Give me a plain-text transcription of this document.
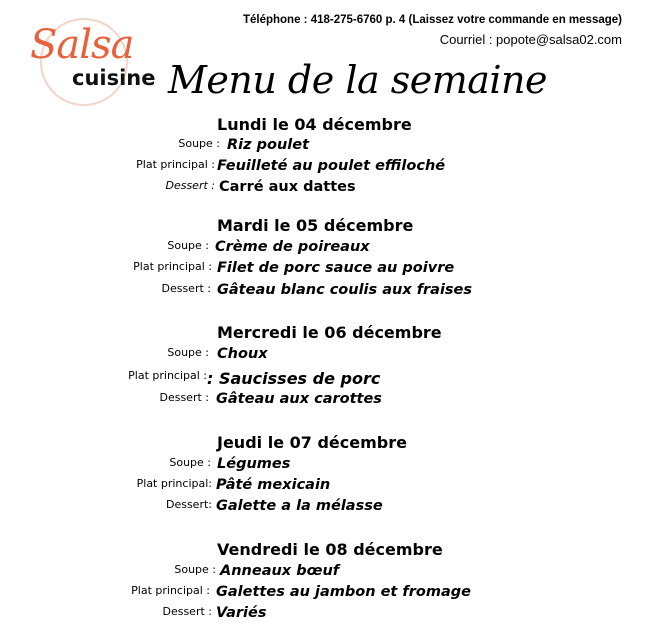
Téléphone : 418-275-6760 p. 4 (Laissez votre commande en message)
Courriel : popote@salsa02.com
Salsa
cuisine Menu de la semaine
Lundi le 04 décembre
Soupe : Riz poulet
Plat principal : Feuilleté au poulet effiloché
Dessert : Carré aux dattes
Mardi le 05 décembre
Soupe : Crème de poireaux
Plat principal : Filet de porc sauce au poivre
Dessert : Gâteau blanc coulis aux fraises
Mercredi le 06 décembre
Soupe : Choux
Plat principal : : Saucisses de porc
Dessert : Gâteau aux carottes
Jeudi le 07 décembre
Soupe : Légumes
Plat principal: Pâté mexicain
Dessert: Galette a la mélasse
Vendredi le 08 décembre
Soupe : Anneaux bœuf
Plat principal : Galettes au jambon et fromage
Dessert : Variés
